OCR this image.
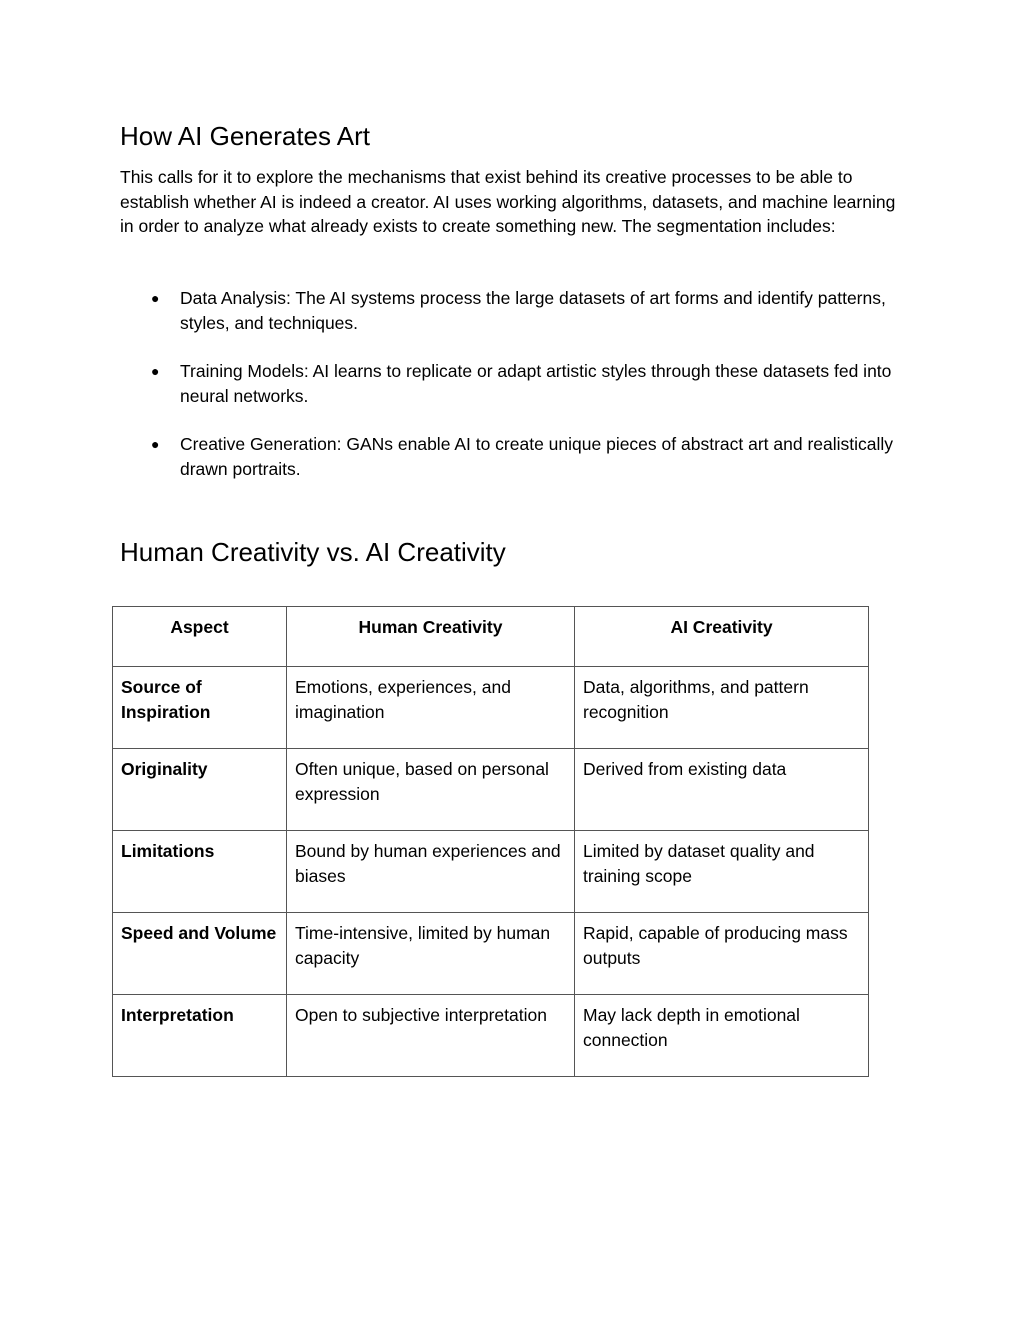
How AI Generates Art

This calls for it to explore the mechanisms that exist behind its creative processes to be able to establish whether AI is indeed a creator. AI uses working algorithms, datasets, and machine learning in order to analyze what already exists to create something new. The segmentation includes:

● Data Analysis: The AI systems process the large datasets of art forms and identify patterns, styles, and techniques.
● Training Models: AI learns to replicate or adapt artistic styles through these datasets fed into neural networks.
● Creative Generation: GANs enable AI to create unique pieces of abstract art and realistically drawn portraits.
Human Creativity vs. AI Creativity
Aspect	Human Creativity	AI Creativity
Source of Inspiration	Emotions, experiences, and imagination	Data, algorithms, and pattern recognition
Originality	Often unique, based on personal expression	Derived from existing data
Limitations	Bound by human experiences and biases	Limited by dataset quality and training scope
Speed and Volume	Time-intensive, limited by human capacity	Rapid, capable of producing mass outputs
Interpretation	Open to subjective interpretation	May lack depth in emotional connection
